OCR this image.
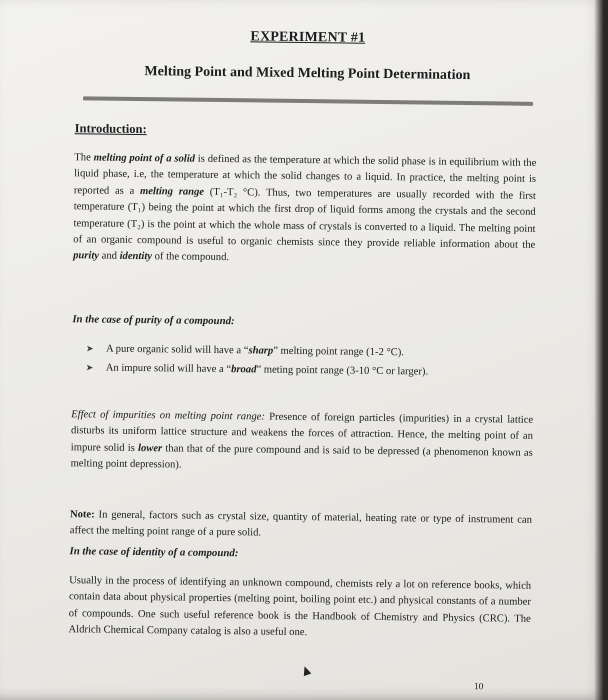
EXPERIMENT #1
Melting Point and Mixed Melting Point Determination
Introduction:
The melting point of a solid is defined as the temperature at which the solid phase is in equilibrium with the liquid phase, i.e, the temperature at which the solid changes to a liquid. In practice, the melting point is reported as a melting range (T₁-T₂ °C). Thus, two temperatures are usually recorded with the first temperature (T₁) being the point at which the first drop of liquid forms among the crystals and the second temperature (T₂) is the point at which the whole mass of crystals is converted to a liquid. The melting point of an organic compound is useful to organic chemists since they provide reliable information about the purity and identity of the compound.
In the case of purity of a compound:
➤	A pure organic solid will have a “sharp” melting point range (1-2 °C).
➤	An impure solid will have a “broad” meting point range (3-10 °C or larger).
Effect of impurities on melting point range: Presence of foreign particles (impurities) in a crystal lattice disturbs its uniform lattice structure and weakens the forces of attraction. Hence, the melting point of an impure solid is lower than that of the pure compound and is said to be depressed (a phenomenon known as melting point depression).
Note: In general, factors such as crystal size, quantity of material, heating rate or type of instrument can affect the melting point range of a pure solid.
In the case of identity of a compound:
Usually in the process of identifying an unknown compound, chemists rely a lot on reference books, which contain data about physical properties (melting point, boiling point etc.) and physical constants of a number of compounds. One such useful reference book is the Handbook of Chemistry and Physics (CRC). The Aldrich Chemical Company catalog is also a useful one.
10
